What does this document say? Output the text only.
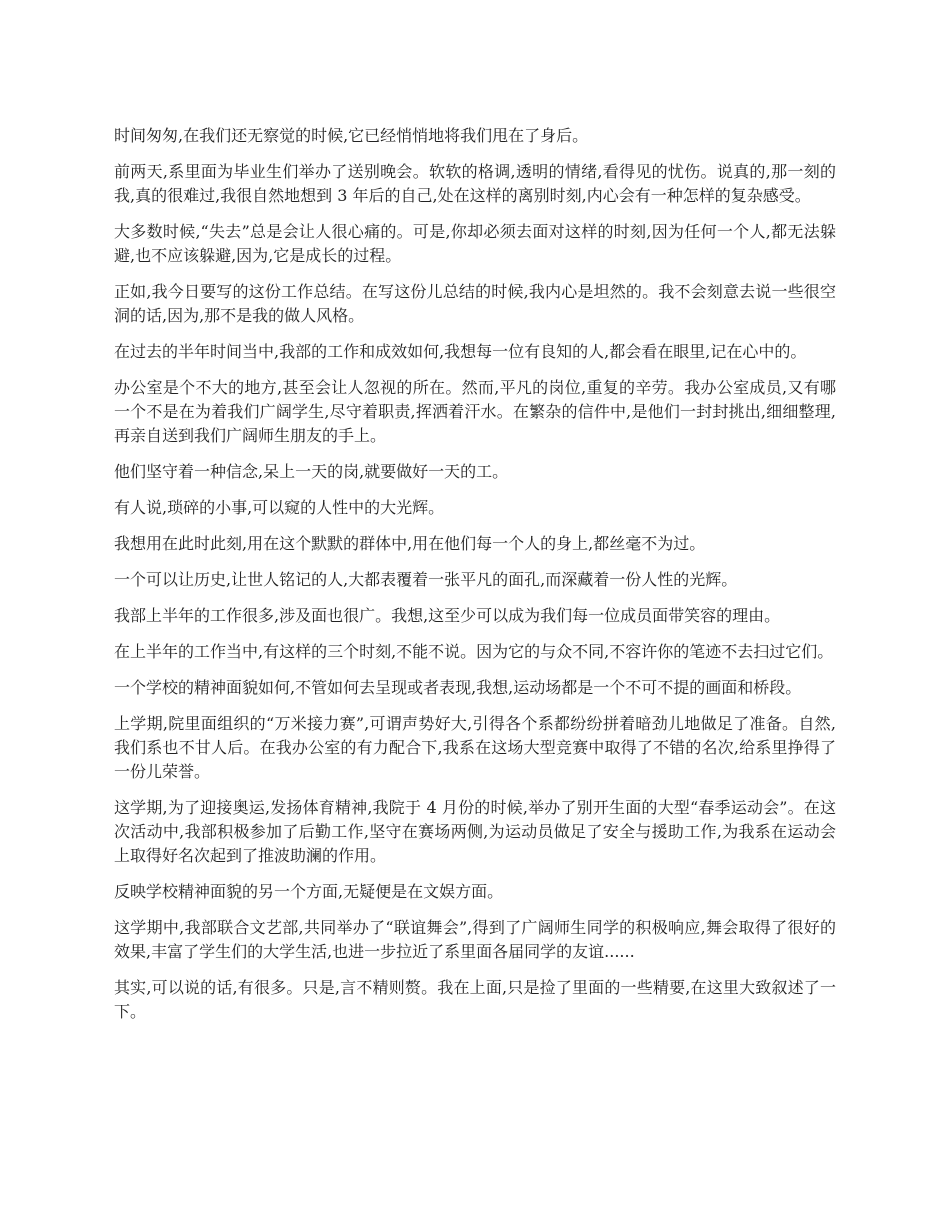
时间匆匆,在我们还无察觉的时候,它已经悄悄地将我们甩在了身后。

前两天,系里面为毕业生们举办了送别晚会。软软的格调,透明的情绪,看得见的忧伤。说真的,那一刻的我,真的很难过,我很自然地想到 3 年后的自己,处在这样的离别时刻,内心会有一种怎样的复杂感受。

大多数时候,“失去”总是会让人很心痛的。可是,你却必须去面对这样的时刻,因为任何一个人,都无法躲避,也不应该躲避,因为,它是成长的过程。

正如,我今日要写的这份工作总结。在写这份儿总结的时候,我内心是坦然的。我不会刻意去说一些很空洞的话,因为,那不是我的做人风格。

在过去的半年时间当中,我部的工作和成效如何,我想每一位有良知的人,都会看在眼里,记在心中的。

办公室是个不大的地方,甚至会让人忽视的所在。然而,平凡的岗位,重复的辛劳。我办公室成员,又有哪一个不是在为着我们广阔学生,尽守着职责,挥洒着汗水。在繁杂的信件中,是他们一封封挑出,细细整理,再亲自送到我们广阔师生朋友的手上。

他们坚守着一种信念,呆上一天的岗,就要做好一天的工。

有人说,琐碎的小事,可以窥的人性中的大光辉。

我想用在此时此刻,用在这个默默的群体中,用在他们每一个人的身上,都丝毫不为过。

一个可以让历史,让世人铭记的人,大都表覆着一张平凡的面孔,而深藏着一份人性的光辉。

我部上半年的工作很多,涉及面也很广。我想,这至少可以成为我们每一位成员面带笑容的理由。

在上半年的工作当中,有这样的三个时刻,不能不说。因为它的与众不同,不容许你的笔迹不去扫过它们。

一个学校的精神面貌如何,不管如何去呈现或者表现,我想,运动场都是一个不可不提的画面和桥段。

上学期,院里面组织的“万米接力赛”,可谓声势好大,引得各个系都纷纷拼着暗劲儿地做足了准备。自然,我们系也不甘人后。在我办公室的有力配合下,我系在这场大型竞赛中取得了不错的名次,给系里挣得了一份儿荣誉。

这学期,为了迎接奥运,发扬体育精神,我院于 4 月份的时候,举办了别开生面的大型“春季运动会”。在这次活动中,我部积极参加了后勤工作,坚守在赛场两侧,为运动员做足了安全与援助工作,为我系在运动会上取得好名次起到了推波助澜的作用。

反映学校精神面貌的另一个方面,无疑便是在文娱方面。

这学期中,我部联合文艺部,共同举办了“联谊舞会”,得到了广阔师生同学的积极响应,舞会取得了很好的效果,丰富了学生们的大学生活,也进一步拉近了系里面各届同学的友谊......

其实,可以说的话,有很多。只是,言不精则赘。我在上面,只是捡了里面的一些精要,在这里大致叙述了一下。
